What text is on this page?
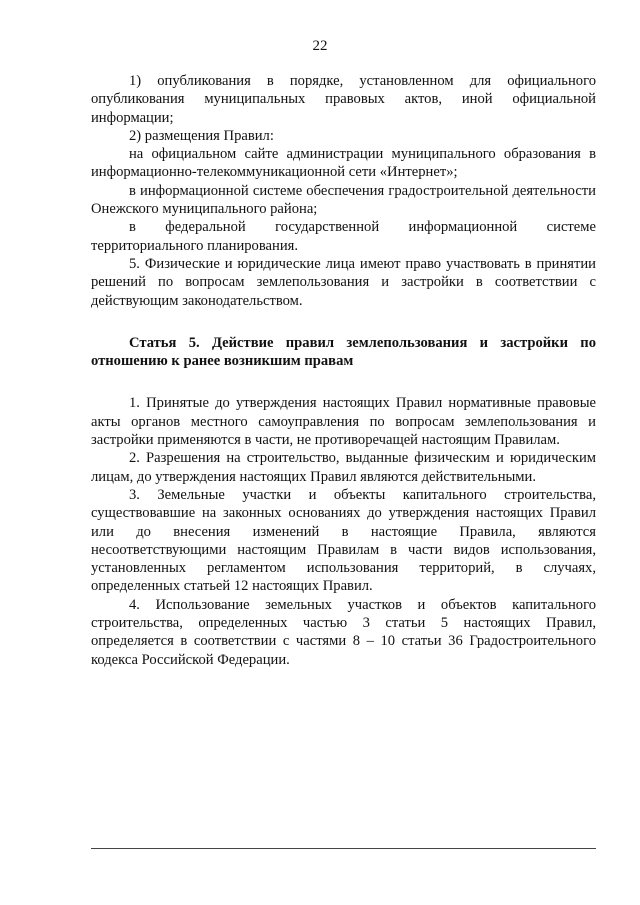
22

1) опубликования в порядке, установленном для официального опубликования муниципальных правовых актов, иной официальной информации;

2) размещения Правил:

на официальном сайте администрации муниципального образования в информационно-телекоммуникационной сети «Интернет»;

в информационной системе обеспечения градостроительной деятельности Онежского муниципального района;

в федеральной государственной информационной системе территориального планирования.

5. Физические и юридические лица имеют право участвовать в принятии решений по вопросам землепользования и застройки в соответствии с действующим законодательством.

Статья 5. Действие правил землепользования и застройки по отношению к ранее возникшим правам

1. Принятые до утверждения настоящих Правил нормативные правовые акты органов местного самоуправления по вопросам землепользования и застройки применяются в части, не противоречащей настоящим Правилам.

2. Разрешения на строительство, выданные физическим и юридическим лицам, до утверждения настоящих Правил являются действительными.

3. Земельные участки и объекты капитального строительства, существовавшие на законных основаниях до утверждения настоящих Правил или до внесения изменений в настоящие Правила, являются несоответствующими настоящим Правилам в части видов использования, установленных регламентом использования территорий, в случаях, определенных статьей 12 настоящих Правил.

4. Использование земельных участков и объектов капитального строительства, определенных частью 3 статьи 5 настоящих Правил, определяется в соответствии с частями 8 – 10 статьи 36 Градостроительного кодекса Российской Федерации.
